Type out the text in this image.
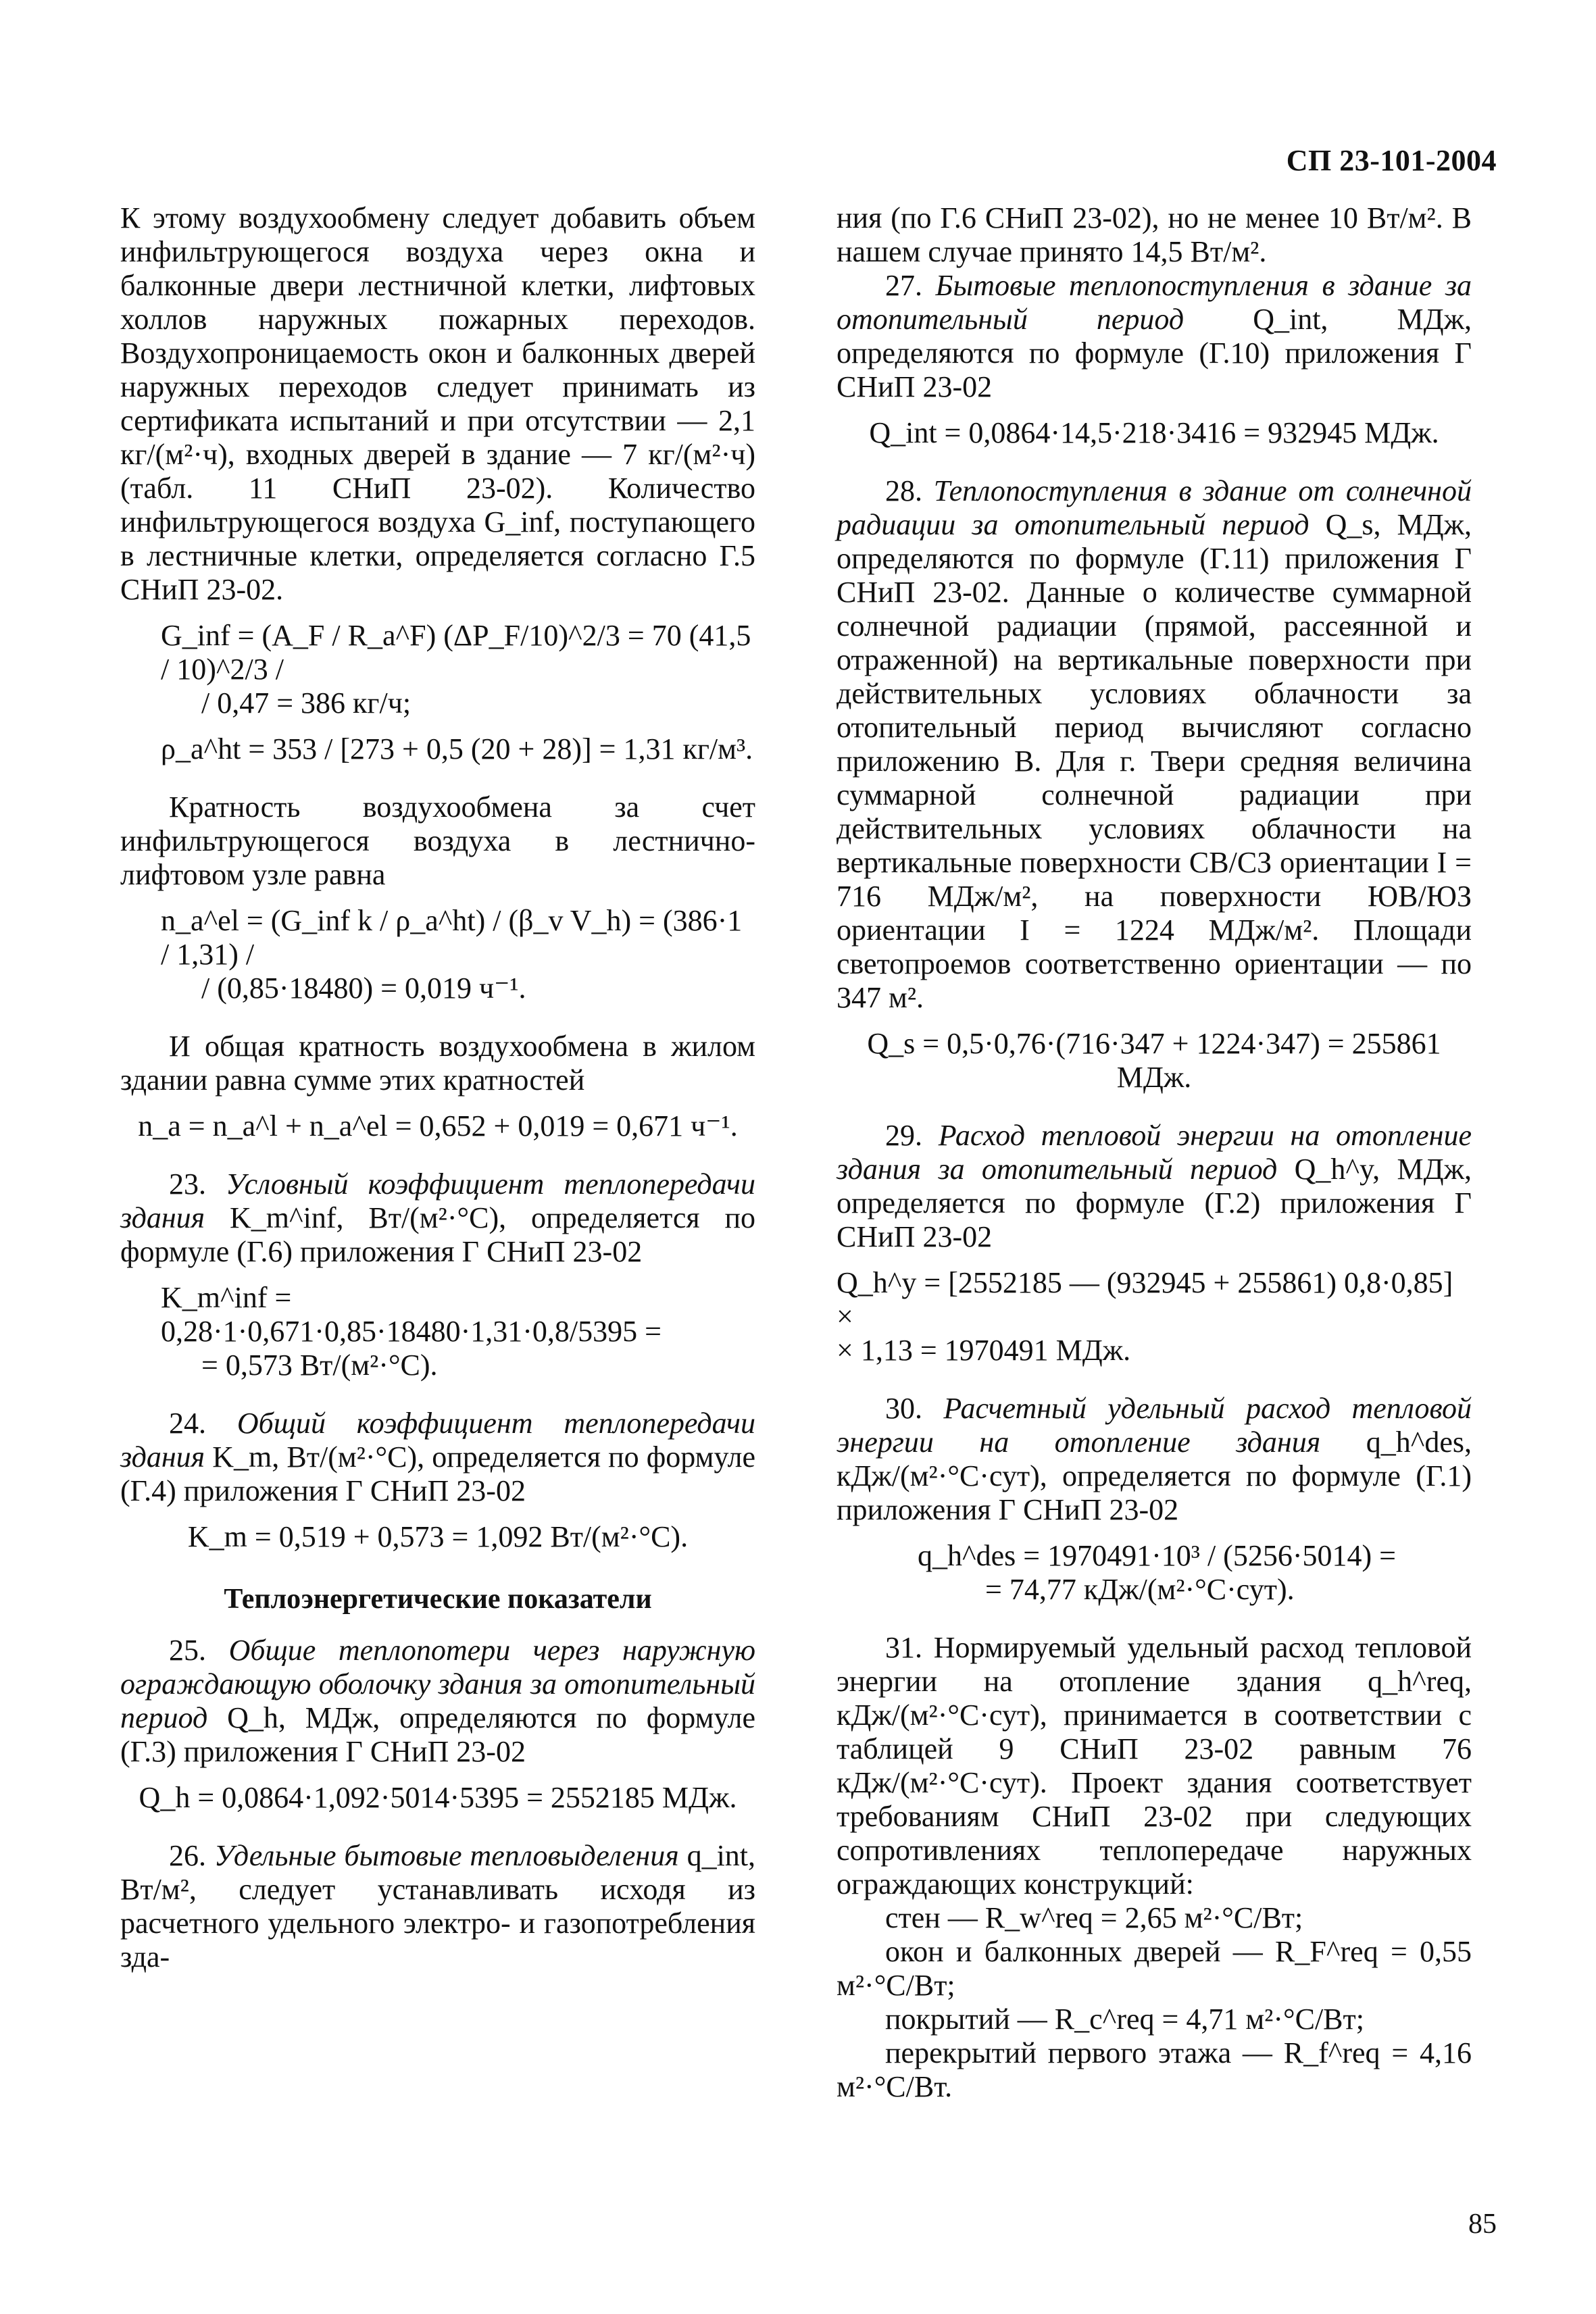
СП 23-101-2004

К этому воздухообмену следует добавить объем инфильтрующегося воздуха через окна и балконные двери лестничной клетки, лифтовых холлов наружных пожарных переходов. Воздухопроницаемость окон и балконных дверей наружных переходов следует принимать из сертификата испытаний и при отсутствии — 2,1 кг/(м²·ч), входных дверей в здание — 7 кг/(м²·ч) (табл. 11 СНиП 23-02). Количество инфильтрующегося воздуха G_inf, поступающего в лестничные клетки, определяется согласно Г.5 СНиП 23-02.

G_inf = (A_F / R_a^F) (ΔP_F/10)^2/3 = 70 (41,5 / 10)^2/3 /

/ 0,47 = 386 кг/ч;

ρ_a^ht = 353 / [273 + 0,5 (20 + 28)] = 1,31 кг/м³.

Кратность воздухообмена за счет инфильтрующегося воздуха в лестнично-лифтовом узле равна

n_a^el = (G_inf k / ρ_a^ht) / (β_v V_h) = (386·1 / 1,31) /

/ (0,85·18480) = 0,019 ч⁻¹.

И общая кратность воздухообмена в жилом здании равна сумме этих кратностей

n_a = n_a^l + n_a^el = 0,652 + 0,019 = 0,671 ч⁻¹.

23. Условный коэффициент теплопередачи здания K_m^inf, Вт/(м²·°С), определяется по формуле (Г.6) приложения Г СНиП 23-02

K_m^inf = 0,28·1·0,671·0,85·18480·1,31·0,8/5395 =

= 0,573 Вт/(м²·°С).

24. Общий коэффициент теплопередачи здания K_m, Вт/(м²·°С), определяется по формуле (Г.4) приложения Г СНиП 23-02

K_m = 0,519 + 0,573 = 1,092 Вт/(м²·°С).

Теплоэнергетические показатели

25. Общие теплопотери через наружную ограждающую оболочку здания за отопительный период Q_h, МДж, определяются по формуле (Г.3) приложения Г СНиП 23-02

Q_h = 0,0864·1,092·5014·5395 = 2552185 МДж.

26. Удельные бытовые тепловыделения q_int, Вт/м², следует устанавливать исходя из расчетного удельного электро- и газопотребления зда-

ния (по Г.6 СНиП 23-02), но не менее 10 Вт/м². В нашем случае принято 14,5 Вт/м².

27. Бытовые теплопоступления в здание за отопительный период Q_int, МДж, определяются по формуле (Г.10) приложения Г СНиП 23-02

Q_int = 0,0864·14,5·218·3416 = 932945 МДж.

28. Теплопоступления в здание от солнечной радиации за отопительный период Q_s, МДж, определяются по формуле (Г.11) приложения Г СНиП 23-02. Данные о количестве суммарной солнечной радиации (прямой, рассеянной и отраженной) на вертикальные поверхности при действительных условиях облачности за отопительный период вычисляют согласно приложению В. Для г. Твери средняя величина суммарной солнечной радиации при действительных условиях облачности на вертикальные поверхности СВ/СЗ ориентации I = 716 МДж/м², на поверхности ЮВ/ЮЗ ориентации I = 1224 МДж/м². Площади светопроемов соответственно ориентации — по 347 м².

Q_s = 0,5·0,76·(716·347 + 1224·347) = 255861 МДж.

29. Расход тепловой энергии на отопление здания за отопительный период Q_h^y, МДж, определяется по формуле (Г.2) приложения Г СНиП 23-02

Q_h^y = [2552185 — (932945 + 255861) 0,8·0,85] ×

× 1,13 = 1970491 МДж.

30. Расчетный удельный расход тепловой энергии на отопление здания q_h^des, кДж/(м²·°С·сут), определяется по формуле (Г.1) приложения Г СНиП 23-02

q_h^des = 1970491·10³ / (5256·5014) =

= 74,77 кДж/(м²·°С·сут).

31. Нормируемый удельный расход тепловой энергии на отопление здания q_h^req, кДж/(м²·°С·сут), принимается в соответствии с таблицей 9 СНиП 23-02 равным 76 кДж/(м²·°С·сут). Проект здания соответствует требованиям СНиП 23-02 при следующих сопротивлениях теплопередаче наружных ограждающих конструкций:

стен — R_w^req = 2,65 м²·°С/Вт;

окон и балконных дверей — R_F^req = 0,55 м²·°С/Вт;

покрытий — R_c^req = 4,71 м²·°С/Вт;

перекрытий первого этажа — R_f^req = 4,16 м²·°С/Вт.

85
